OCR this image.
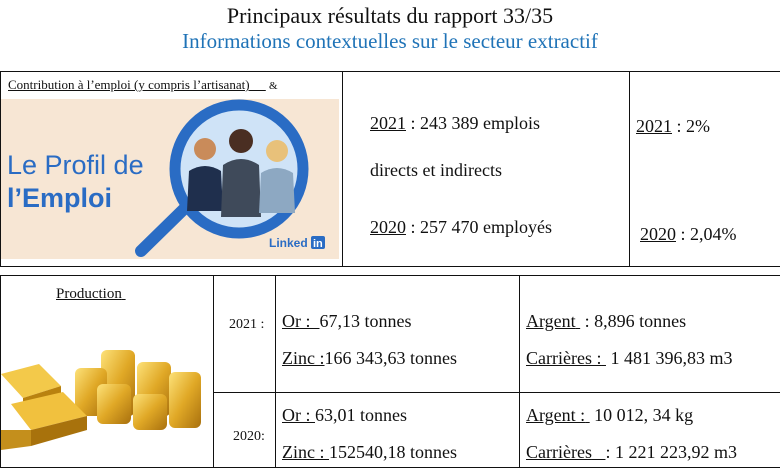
Principaux résultats du rapport 33/35
Informations contextuelles sur le secteur extractif
Contribution à l’emploi (y compris l’artisanat) &
Le Profil de
l’Emploi
Linked in
2021 : 243 389 emplois
directs et indirects
2020 : 257 470 employés
2021 : 2%
2020 : 2,04%
Production
2021 : Or : 67,13 tonnes
Zinc :166 343,63 tonnes
Argent : 8,896 tonnes
Carrières : 1 481 396,83 m3
2020:
Or : 63,01 tonnes
Zinc : 152540,18 tonnes
Argent : 10 012, 34 kg
Carrières : 1 221 223,92 m3
